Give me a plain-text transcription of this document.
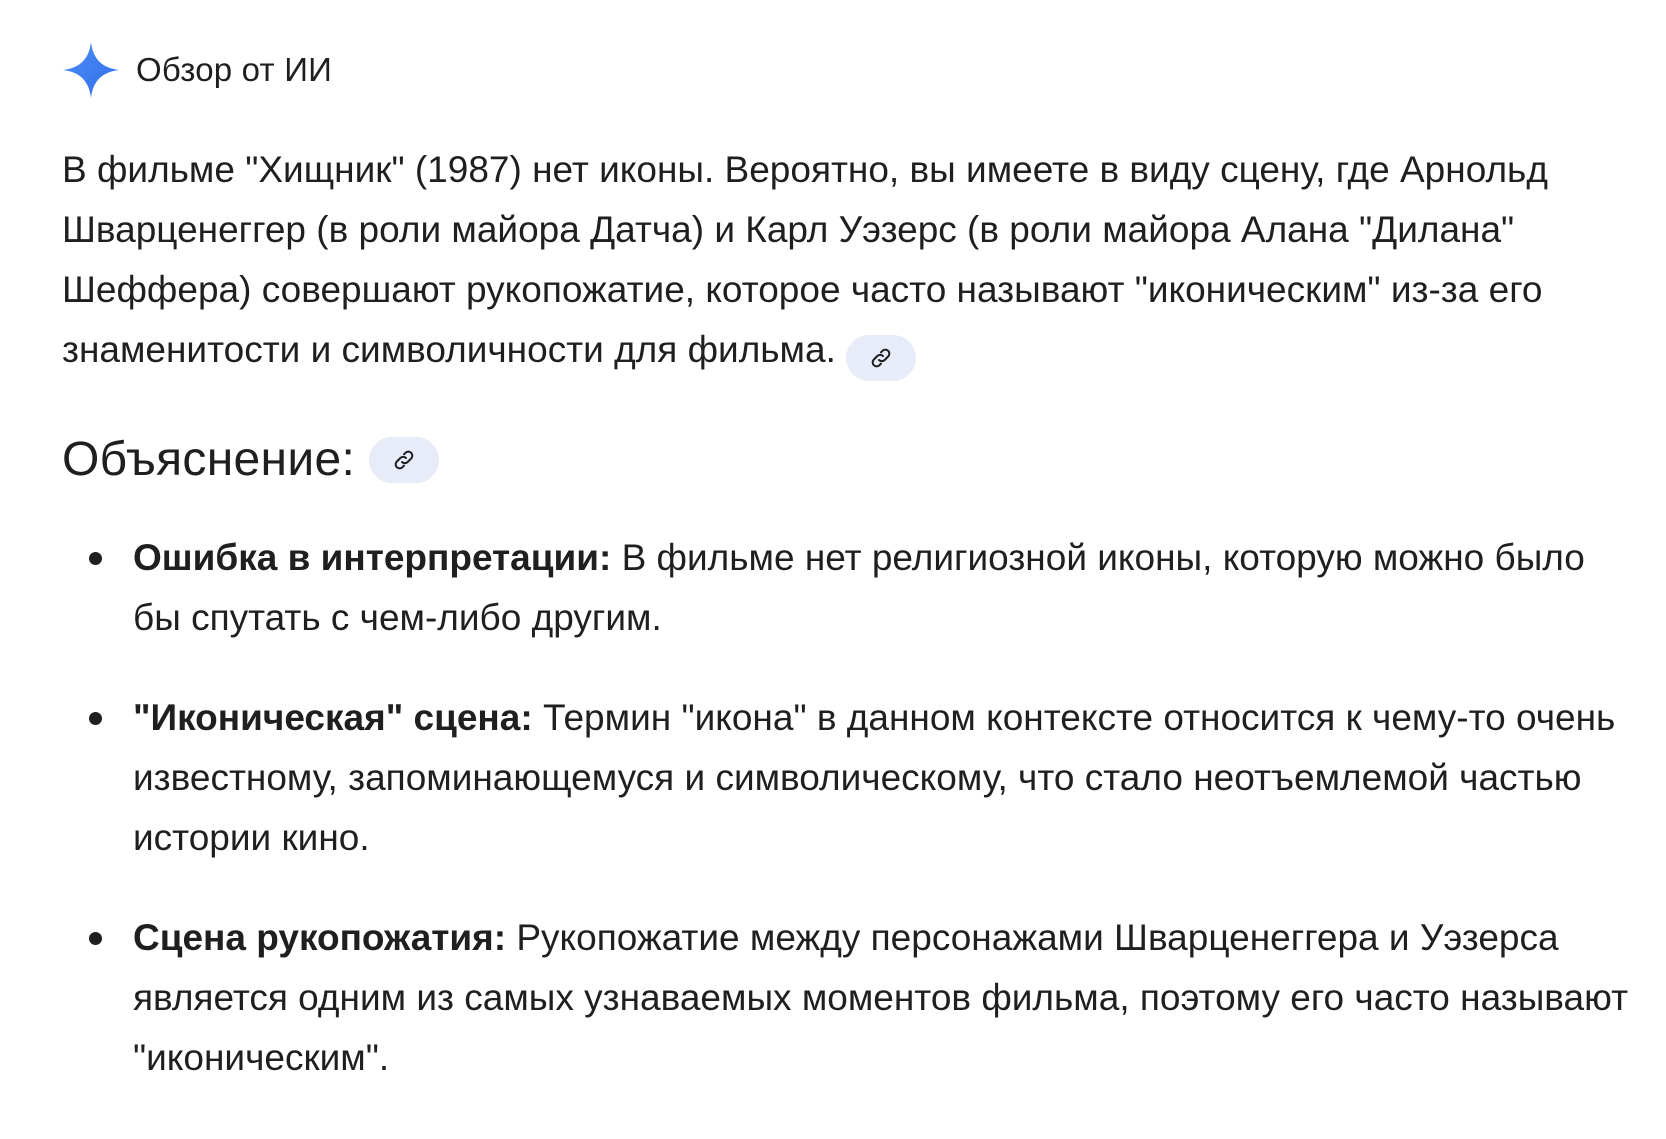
Обзор от ИИ

В фильме "Хищник" (1987) нет иконы. Вероятно, вы имеете в виду сцену, где Арнольд Шварценеггер (в роли майора Датча) и Карл Уэзерс (в роли майора Алана "Дилана" Шеффера) совершают рукопожатие, которое часто называют "иконическим" из-за его знаменитости и символичности для фильма.

Объяснение:
Ошибка в интерпретации: В фильме нет религиозной иконы, которую можно было бы спутать с чем-либо другим.
"Иконическая" сцена: Термин "икона" в данном контексте относится к чему-то очень известному, запоминающемуся и символическому, что стало неотъемлемой частью истории кино.
Сцена рукопожатия: Рукопожатие между персонажами Шварценеггера и Уэзерса является одним из самых узнаваемых моментов фильма, поэтому его часто называют "иконическим".
